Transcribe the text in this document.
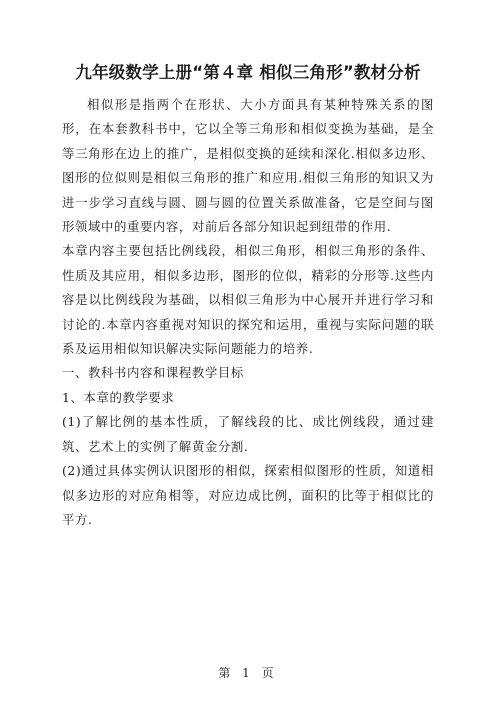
九年级数学上册“第４章 相似三角形”教材分析

相似形是指两个在形状、大小方面具有某种特殊关系的图形，在本套教科书中，它以全等三角形和相似变换为基础，是全等三角形在边上的推广，是相似变换的延续和深化.相似多边形、图形的位似则是相似三角形的推广和应用.相似三角形的知识又为进一步学习直线与圆、圆与圆的位置关系做准备，它是空间与图形领域中的重要内容，对前后各部分知识起到纽带的作用.

本章内容主要包括比例线段，相似三角形，相似三角形的条件、性质及其应用，相似多边形，图形的位似，精彩的分形等.这些内容是以比例线段为基础，以相似三角形为中心展开并进行学习和讨论的.本章内容重视对知识的探究和运用，重视与实际问题的联系及运用相似知识解决实际问题能力的培养.

一、教科书内容和课程教学目标

1、本章的教学要求

(1)了解比例的基本性质，了解线段的比、成比例线段，通过建筑、艺术上的实例了解黄金分割.

(2)通过具体实例认识图形的相似，探索相似图形的性质，知道相似多边形的对应角相等，对应边成比例，面积的比等于相似比的平方.

第 1 页
